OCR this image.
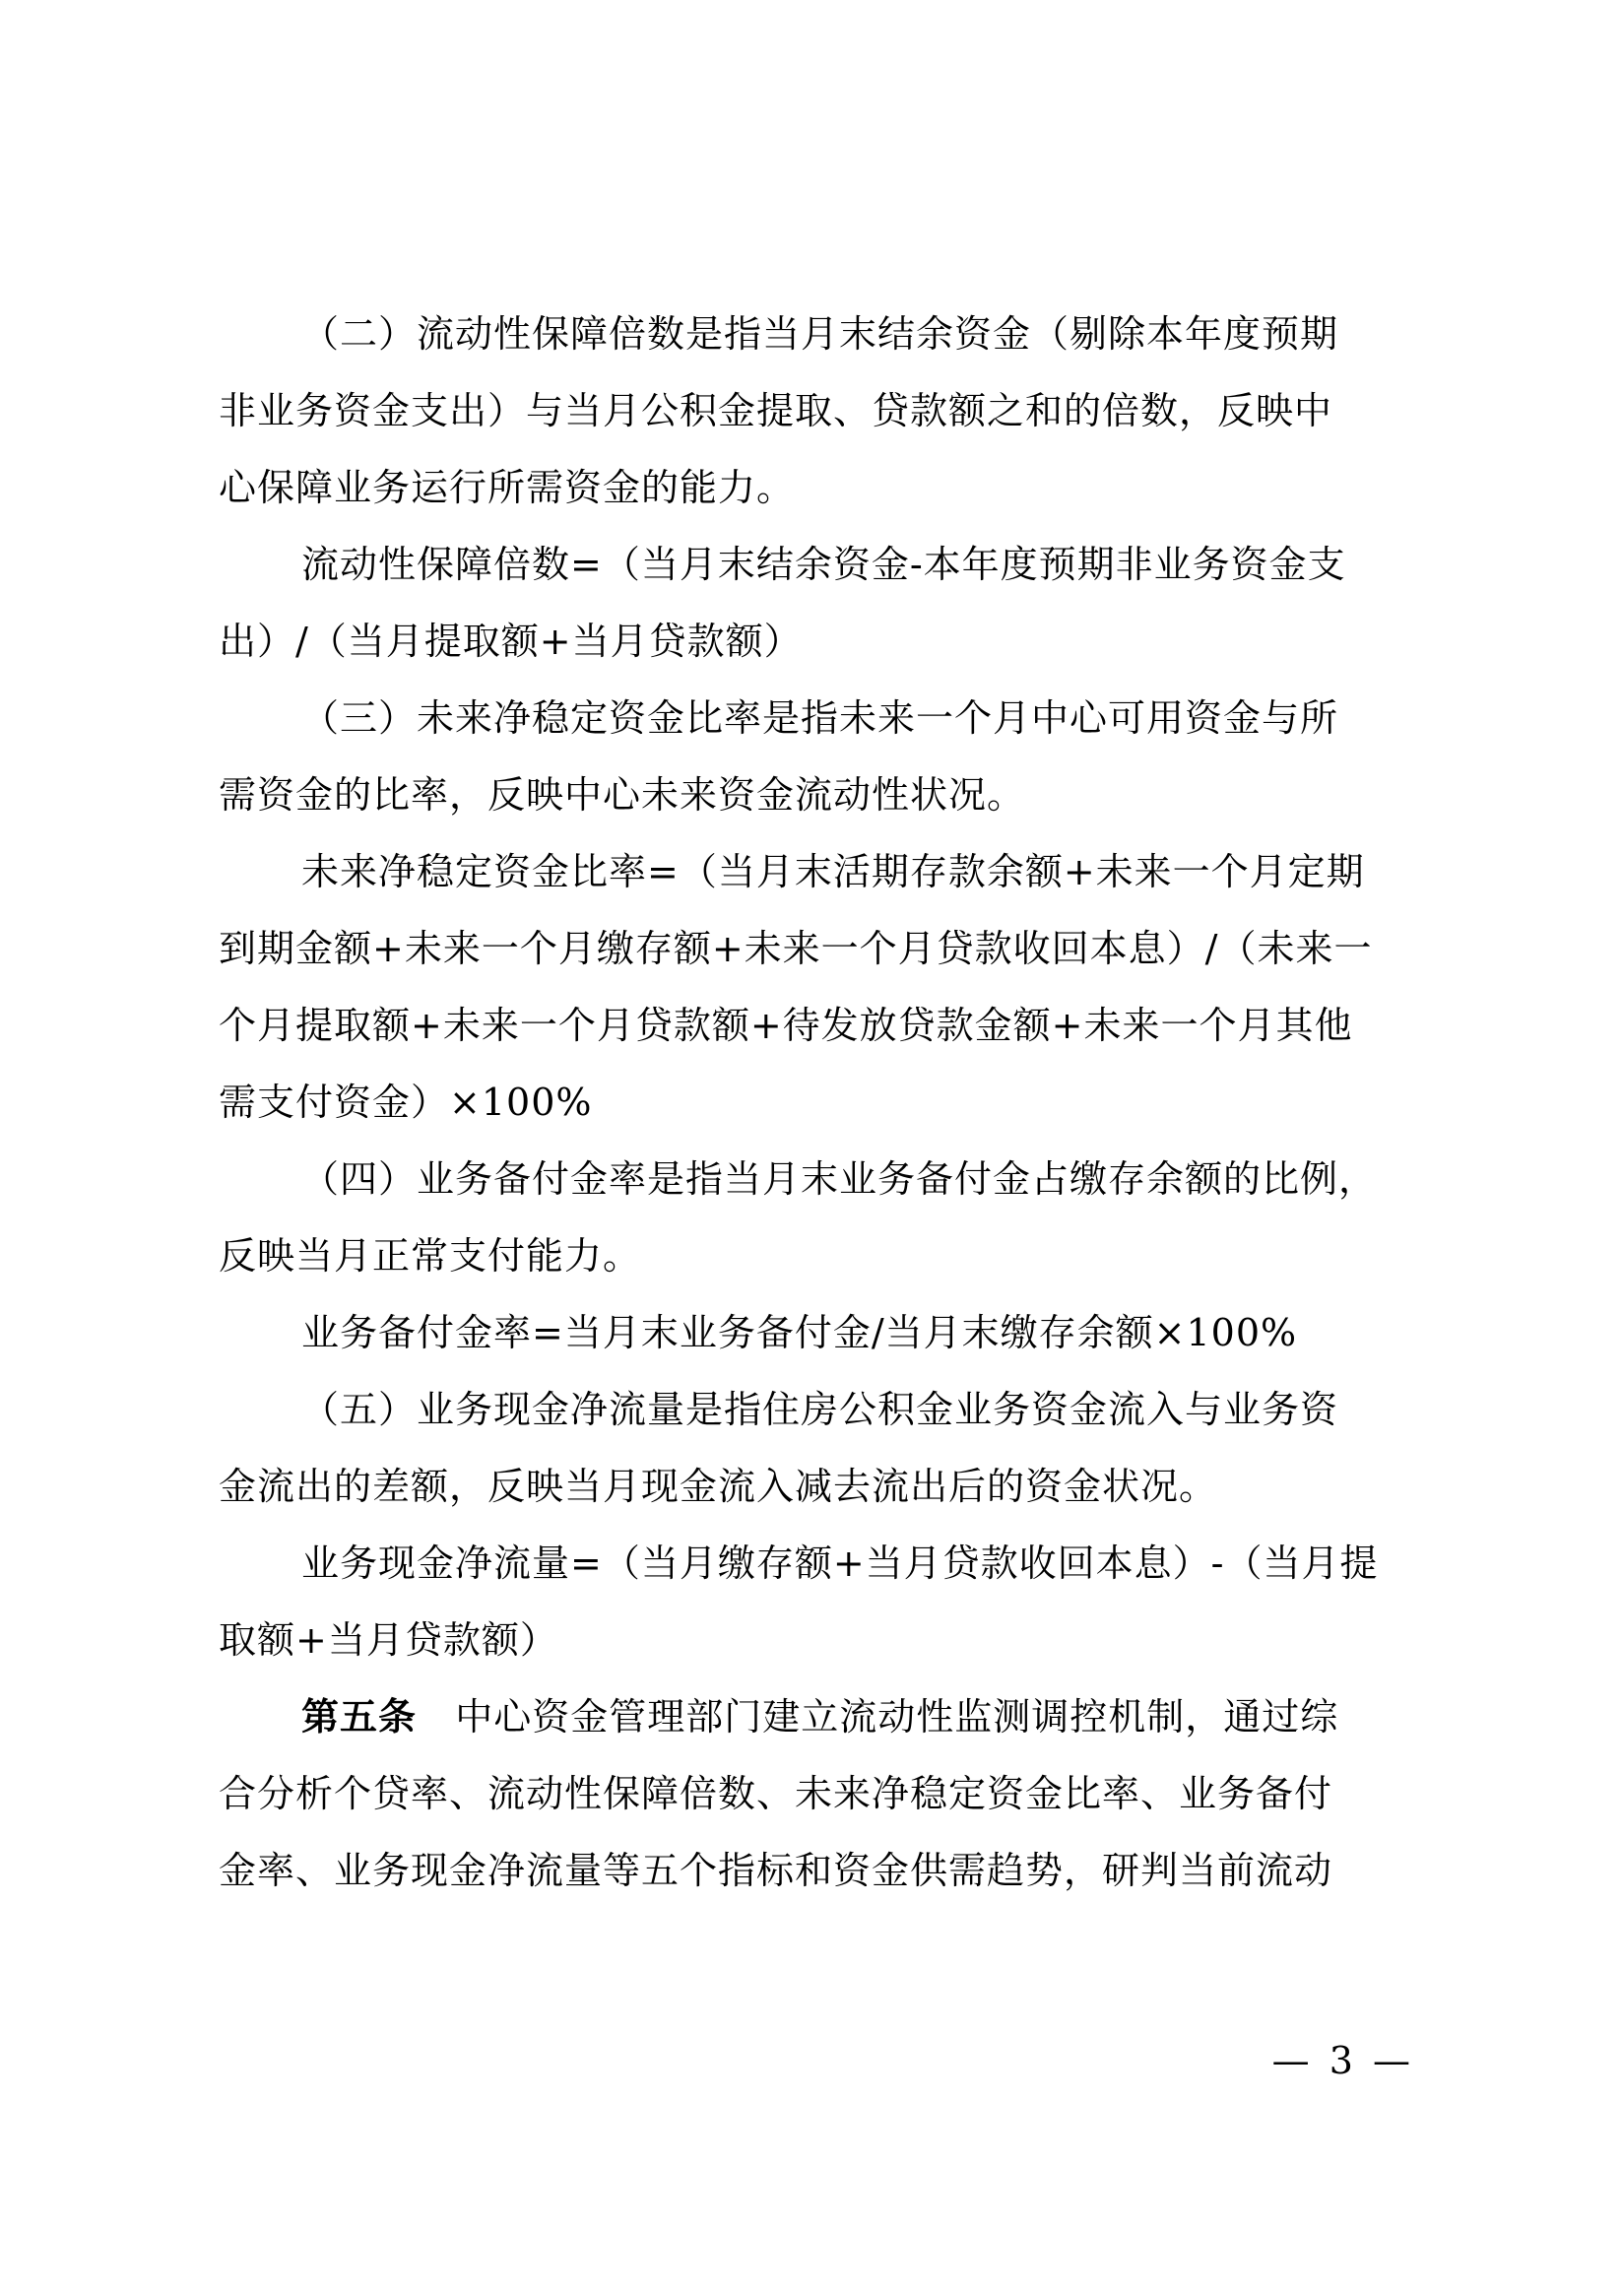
（二）流动性保障倍数是指当月末结余资金（剔除本年度预期
非业务资金支出）与当月公积金提取、贷款额之和的倍数，反映中
心保障业务运行所需资金的能力。

流动性保障倍数=（当月末结余资金-本年度预期非业务资金支
出）/（当月提取额+当月贷款额）

（三）未来净稳定资金比率是指未来一个月中心可用资金与所
需资金的比率，反映中心未来资金流动性状况。

未来净稳定资金比率=（当月末活期存款余额+未来一个月定期
到期金额+未来一个月缴存额+未来一个月贷款收回本息）/（未来一
个月提取额+未来一个月贷款额+待发放贷款金额+未来一个月其他
需支付资金）×100%

（四）业务备付金率是指当月末业务备付金占缴存余额的比例，
反映当月正常支付能力。

业务备付金率=当月末业务备付金/当月末缴存余额×100%

（五）业务现金净流量是指住房公积金业务资金流入与业务资
金流出的差额，反映当月现金流入减去流出后的资金状况。

业务现金净流量=（当月缴存额+当月贷款收回本息）-（当月提
取额+当月贷款额）

第五条 中心资金管理部门建立流动性监测调控机制，通过综
合分析个贷率、流动性保障倍数、未来净稳定资金比率、业务备付
金率、业务现金净流量等五个指标和资金供需趋势，研判当前流动

— 3 —
